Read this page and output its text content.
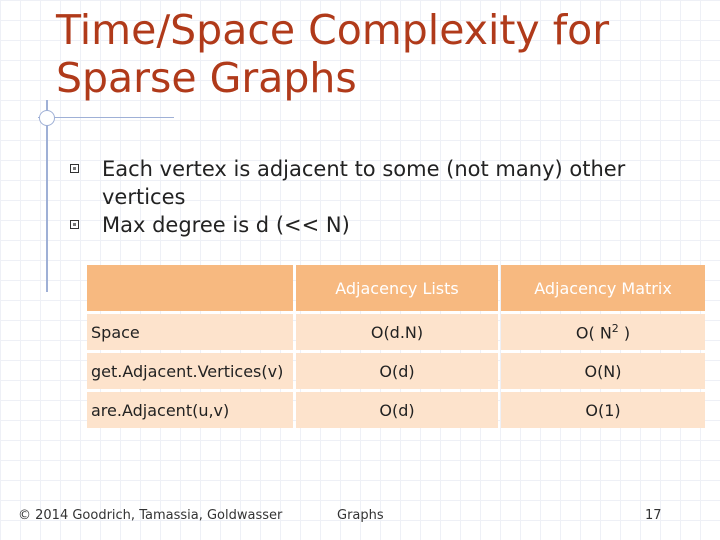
Time/Space Complexity for
Sparse Graphs
Each vertex is adjacent to some (not many) other vertices
Max degree is d (<< N)
	Adjacency Lists	Adjacency Matrix
Space	O(d.N)	O( $N^2$ )
get.Adjacent.Vertices(v)	O(d)	O(N)
are.Adjacent(u,v)	O(d)	O(1)
© 2014 Goodrich, Tamassia, Goldwasser	Graphs	17
